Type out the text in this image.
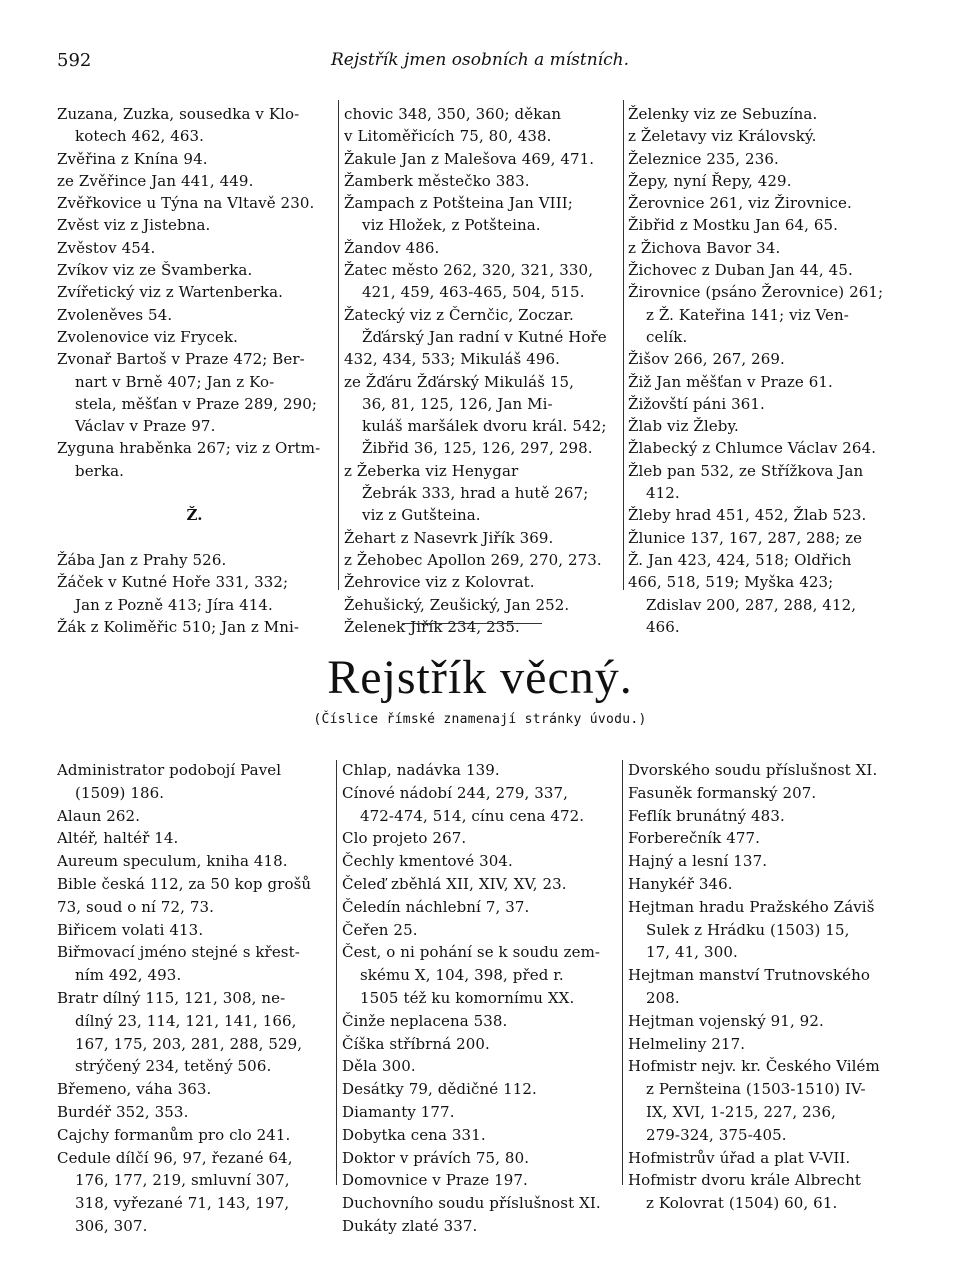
592	Rejstřík jmen osobních a místních.
Zuzana, Zuzka, sousedka v Klo-
kotech 462, 463.
Zvěřina z Knína 94.
ze Zvěřince Jan 441, 449.
Zvěřkovice u Týna na Vltavě 230.
Zvěst viz z Jistebna.
Zvěstov 454.
Zvíkov viz ze Švamberka.
Zvířetický viz z Wartenberka.
Zvoleněves 54.
Zvolenovice viz Frycek.
Zvonař Bartoš v Praze 472; Ber-
nart v Brně 407; Jan z Ko-
stela, měšťan v Praze 289, 290;
Václav v Praze 97.
Zyguna hraběnka 267; viz z Ortm-
berka.

Ž.

Žába Jan z Prahy 526.
Žáček v Kutné Hoře 331, 332;
Jan z Pozně 413; Jíra 414.
Žák z Koliměřic 510; Jan z Mni-
chovic 348, 350, 360; děkan
v Litoměřicích 75, 80, 438.
Žakule Jan z Malešova 469, 471.
Žamberk městečko 383.
Žampach z Potšteina Jan VIII;
viz Hložek, z Potšteina.
Žandov 486.
Žatec město 262, 320, 321, 330,
421, 459, 463-465, 504, 515.
Žatecký viz z Černčic, Zoczar.
Žďárský Jan radní v Kutné Hoře
432, 434, 533; Mikuláš 496.
ze Žďáru Žďárský Mikuláš 15,
36, 81, 125, 126, Jan Mi-
kuláš maršálek dvoru král. 542;
Žibřid 36, 125, 126, 297, 298.
z Žeberka viz Henygar
Žebrák 333, hrad a hutě 267;
viz z Gutšteina.
Žehart z Nasevrk Jiřík 369.
z Žehobec Apollon 269, 270, 273.
Žehrovice viz z Kolovrat.
Žehušický, Zeušický, Jan 252.
Želenek Jiřík 234, 235.
Želenky viz ze Sebuzína.
z Želetavy viz Královský.
Železnice 235, 236.
Žepy, nyní Řepy, 429.
Žerovnice 261, viz Žirovnice.
Žibřid z Mostku Jan 64, 65.
z Žichova Bavor 34.
Žichovec z Duban Jan 44, 45.
Žirovnice (psáno Žerovnice) 261;
z Ž. Kateřina 141; viz Ven-
celík.
Žišov 266, 267, 269.
Žiž Jan měšťan v Praze 61.
Žižovští páni 361.
Žlab viz Žleby.
Žlabecký z Chlumce Václav 264.
Žleb pan 532, ze Střížkova Jan
412.
Žleby hrad 451, 452, Žlab 523.
Žlunice 137, 167, 287, 288; ze
Ž. Jan 423, 424, 518; Oldřich
466, 518, 519; Myška 423;
Zdislav 200, 287, 288, 412,
466.
Rejstřík věcný.
(Číslice římské znamenají stránky úvodu.)
Administrator podobojí Pavel
(1509) 186.
Alaun 262.
Altéř, haltéř 14.
Aureum speculum, kniha 418.
Bible česká 112, za 50 kop grošů
73, soud o ní 72, 73.
Biřicem volati 413.
Biřmovací jméno stejné s křest-
ním 492, 493.
Bratr dílný 115, 121, 308, ne-
dílný 23, 114, 121, 141, 166,
167, 175, 203, 281, 288, 529,
strýčený 234, tetěný 506.
Břemeno, váha 363.
Burdéř 352, 353.
Cajchy formanům pro clo 241.
Cedule dílčí 96, 97, řezané 64,
176, 177, 219, smluvní 307,
318, vyřezané 71, 143, 197,
306, 307.
Chlap, nadávka 139.
Cínové nádobí 244, 279, 337,
472-474, 514, cínu cena 472.
Clo projeto 267.
Čechly kmentové 304.
Čeleď zběhlá XII, XIV, XV, 23.
Čeledín náchlební 7, 37.
Čeřen 25.
Čest, o ni pohání se k soudu zem-
skému X, 104, 398, před r.
1505 též ku komornímu XX.
Činže neplacena 538.
Číška stříbrná 200.
Děla 300.
Desátky 79, dědičné 112.
Diamanty 177.
Dobytka cena 331.
Doktor v právích 75, 80.
Domovnice v Praze 197.
Duchovního soudu příslušnost XI.
Dukáty zlaté 337.
Dvorského soudu příslušnost XI.
Fasuněk formanský 207.
Feflík brunátný 483.
Forberečník 477.
Hajný a lesní 137.
Hanykéř 346.
Hejtman hradu Pražského Záviš
Sulek z Hrádku (1503) 15,
17, 41, 300.
Hejtman manství Trutnovského
208.
Hejtman vojenský 91, 92.
Helmeliny 217.
Hofmistr nejv. kr. Českého Vilém
z Pernšteina (1503-1510) IV-
IX, XVI, 1-215, 227, 236,
279-324, 375-405.
Hofmistrův úřad a plat V-VII.
Hofmistr dvoru krále Albrecht
z Kolovrat (1504) 60, 61.
